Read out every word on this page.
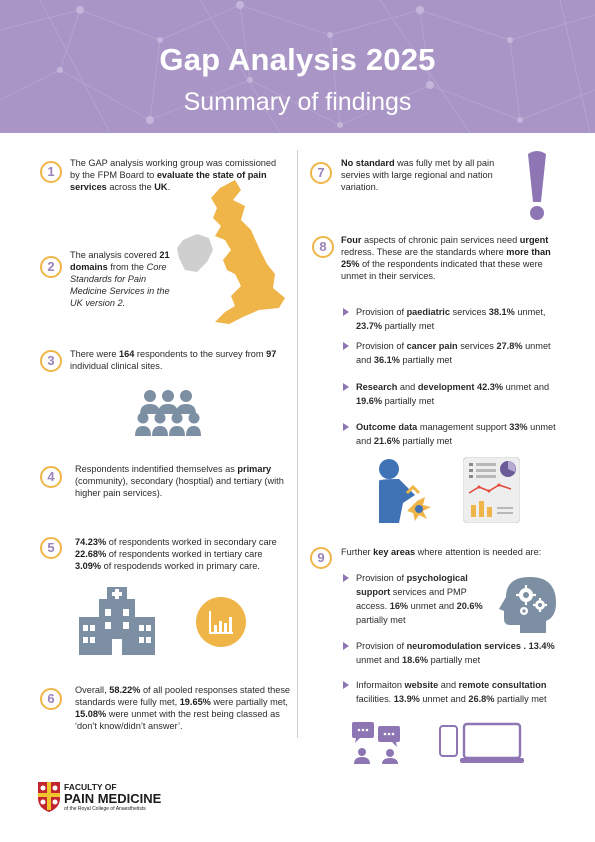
Gap Analysis 2025
Summary of findings
1
The GAP analysis working group was comissioned by the FPM Board to evaluate the state of pain services across the UK.
2
The analysis covered 21 domains from the Core Standards for Pain Medicine Services in the UK version 2.
3	There were 164 respondents to the survey from 97 individual clinical sites.
4	Respondents indentified themselves as primary (community), secondary (hosptial) and tertiary (with higher pain services).
5	74.23% of respondents worked in secondary care
22.68% of respondents worked in tertiary care
3.09% of respodends worked in primary care.
6
Overall, 58.22% of all pooled responses stated these standards were fully met, 19.65% were partially met, 15.08% were unmet with the rest being classed as ‘don’t know/didn’t answer’.
7
No standard was fully met by all pain servies with large regional and nation variation.
8	Four aspects of chronic pain services need urgent redress. These are the standards where more than 25% of the respondents indicated that these were unmet in their services.
Provision of paediatric services 38.1% unmet, 23.7% partially met
Provision of cancer pain services 27.8% unmet and 36.1% partially met
Research and development 42.3% unmet and 19.6% partially met
Outcome data management support 33% unmet and 21.6% partially met
9	Further key areas where attention is needed are:
Provision of psychological support services and PMP access. 16% unmet and 20.6% partially met
Provision of neuromodulation services . 13.4% unmet and 18.6% partially met
Informaiton website and remote consultation facilities. 13.9% unmet and 26.8% partially met
FACULTY OF
PAIN MEDICINE
of the Royal College of Anaesthetists
